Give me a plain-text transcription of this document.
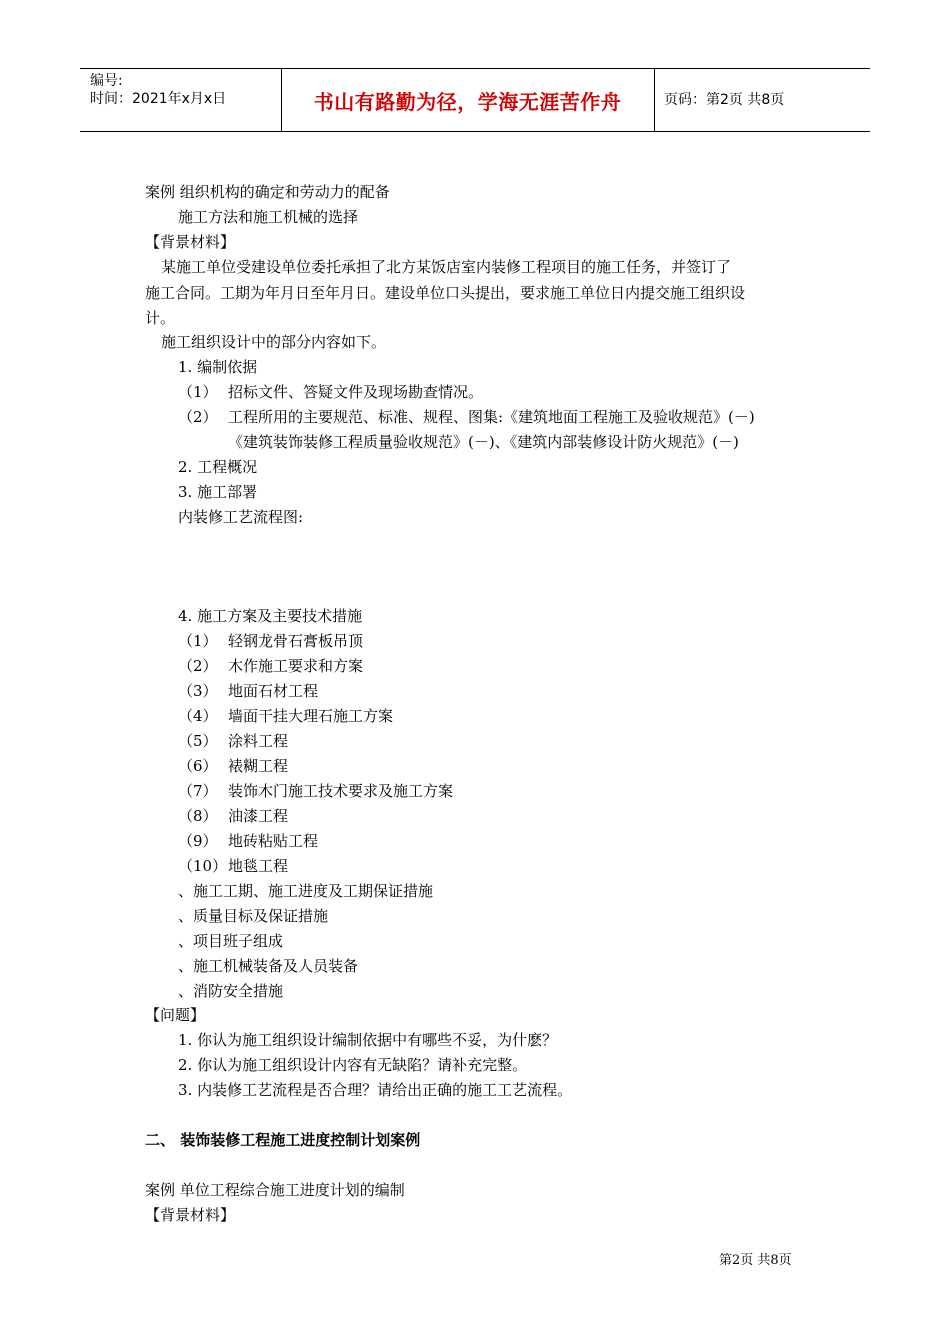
编号:
时间：2021年x月x日	书山有路勤为径，学海无涯苦作舟	页码：第2页 共8页
案例 组织机构的确定和劳动力的配备
施工方法和施工机械的选择
【背景材料】
某施工单位受建设单位委托承担了北方某饭店室内装修工程项目的施工任务，并签订了
施工合同。工期为年月日至年月日。建设单位口头提出，要求施工单位日内提交施工组织设
计。
施工组织设计中的部分内容如下。
1. 编制依据
（1） 招标文件、答疑文件及现场勘查情况。
（2） 工程所用的主要规范、标准、规程、图集:《建筑地面工程施工及验收规范》(－)
《建筑装饰装修工程质量验收规范》(－)、《建筑内部装修设计防火规范》(－)
2. 工程概况
3. 施工部署
内装修工艺流程图:
4. 施工方案及主要技术措施
（1） 轻钢龙骨石膏板吊顶
（2） 木作施工要求和方案
（3） 地面石材工程
（4） 墙面干挂大理石施工方案
（5） 涂料工程
（6） 裱糊工程
（7） 装饰木门施工技术要求及施工方案
（8） 油漆工程
（9） 地砖粘贴工程
（10）地毯工程
、施工工期、施工进度及工期保证措施
、质量目标及保证措施
、项目班子组成
、施工机械装备及人员装备
、消防安全措施
【问题】
1. 你认为施工组织设计编制依据中有哪些不妥，为什麽？
2. 你认为施工组织设计内容有无缺陷？请补充完整。
3. 内装修工艺流程是否合理？请给出正确的施工工艺流程。
二、 装饰装修工程施工进度控制计划案例
案例 单位工程综合施工进度计划的编制
【背景材料】
第2页 共8页
